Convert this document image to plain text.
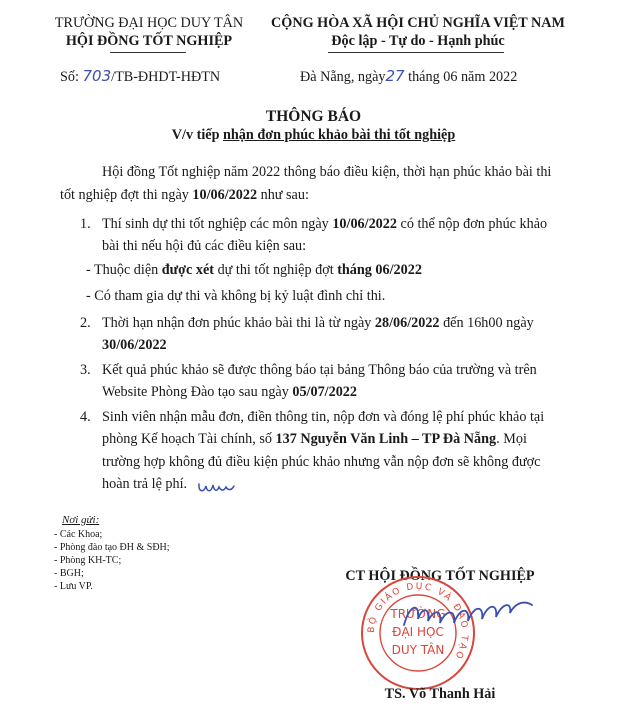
TRƯỜNG ĐẠI HỌC DUY TÂN
HỘI ĐỒNG TỐT NGHIỆP
CỘNG HÒA XÃ HỘI CHỦ NGHĨA VIỆT NAM
Độc lập - Tự do - Hạnh phúc
Số: 703/TB-ĐHDT-HĐTN	Đà Nẵng, ngày27 tháng 06 năm 2022
THÔNG BÁO
V/v tiếp nhận đơn phúc khảo bài thi tốt nghiệp
Hội đồng Tốt nghiệp năm 2022 thông báo điều kiện, thời hạn phúc khảo bài thi
tốt nghiệp đợt thi ngày 10/06/2022 như sau:
1. Thí sinh dự thi tốt nghiệp các môn ngày 10/06/2022 có thể nộp đơn phúc khảo
bài thi nếu hội đủ các điều kiện sau:
- Thuộc diện được xét dự thi tốt nghiệp đợt tháng 06/2022
- Có tham gia dự thi và không bị kỷ luật đình chỉ thi.
2. Thời hạn nhận đơn phúc khảo bài thi là từ ngày 28/06/2022 đến 16h00 ngày
30/06/2022
3. Kết quả phúc khảo sẽ được thông báo tại bảng Thông báo của trường và trên
Website Phòng Đào tạo sau ngày 05/07/2022
4. Sinh viên nhận mẫu đơn, điền thông tin, nộp đơn và đóng lệ phí phúc khảo tại
phòng Kế hoạch Tài chính, số 137 Nguyễn Văn Linh – TP Đà Nẵng. Mọi
trường hợp không đủ điều kiện phúc khảo nhưng vẫn nộp đơn sẽ không được
hoàn trả lệ phí.
Nơi gửi:
- Các Khoa;
- Phòng đào tạo ĐH & SĐH;
- Phòng KH-TC;
- BGH;
- Lưu VP.
CT HỘI ĐỒNG TỐT NGHIỆP
BỘ GIÁO DỤC VÀ ĐÀO TẠO
TRƯỜNG
ĐẠI HỌC
DUY TÂN
TS. Võ Thanh Hải
